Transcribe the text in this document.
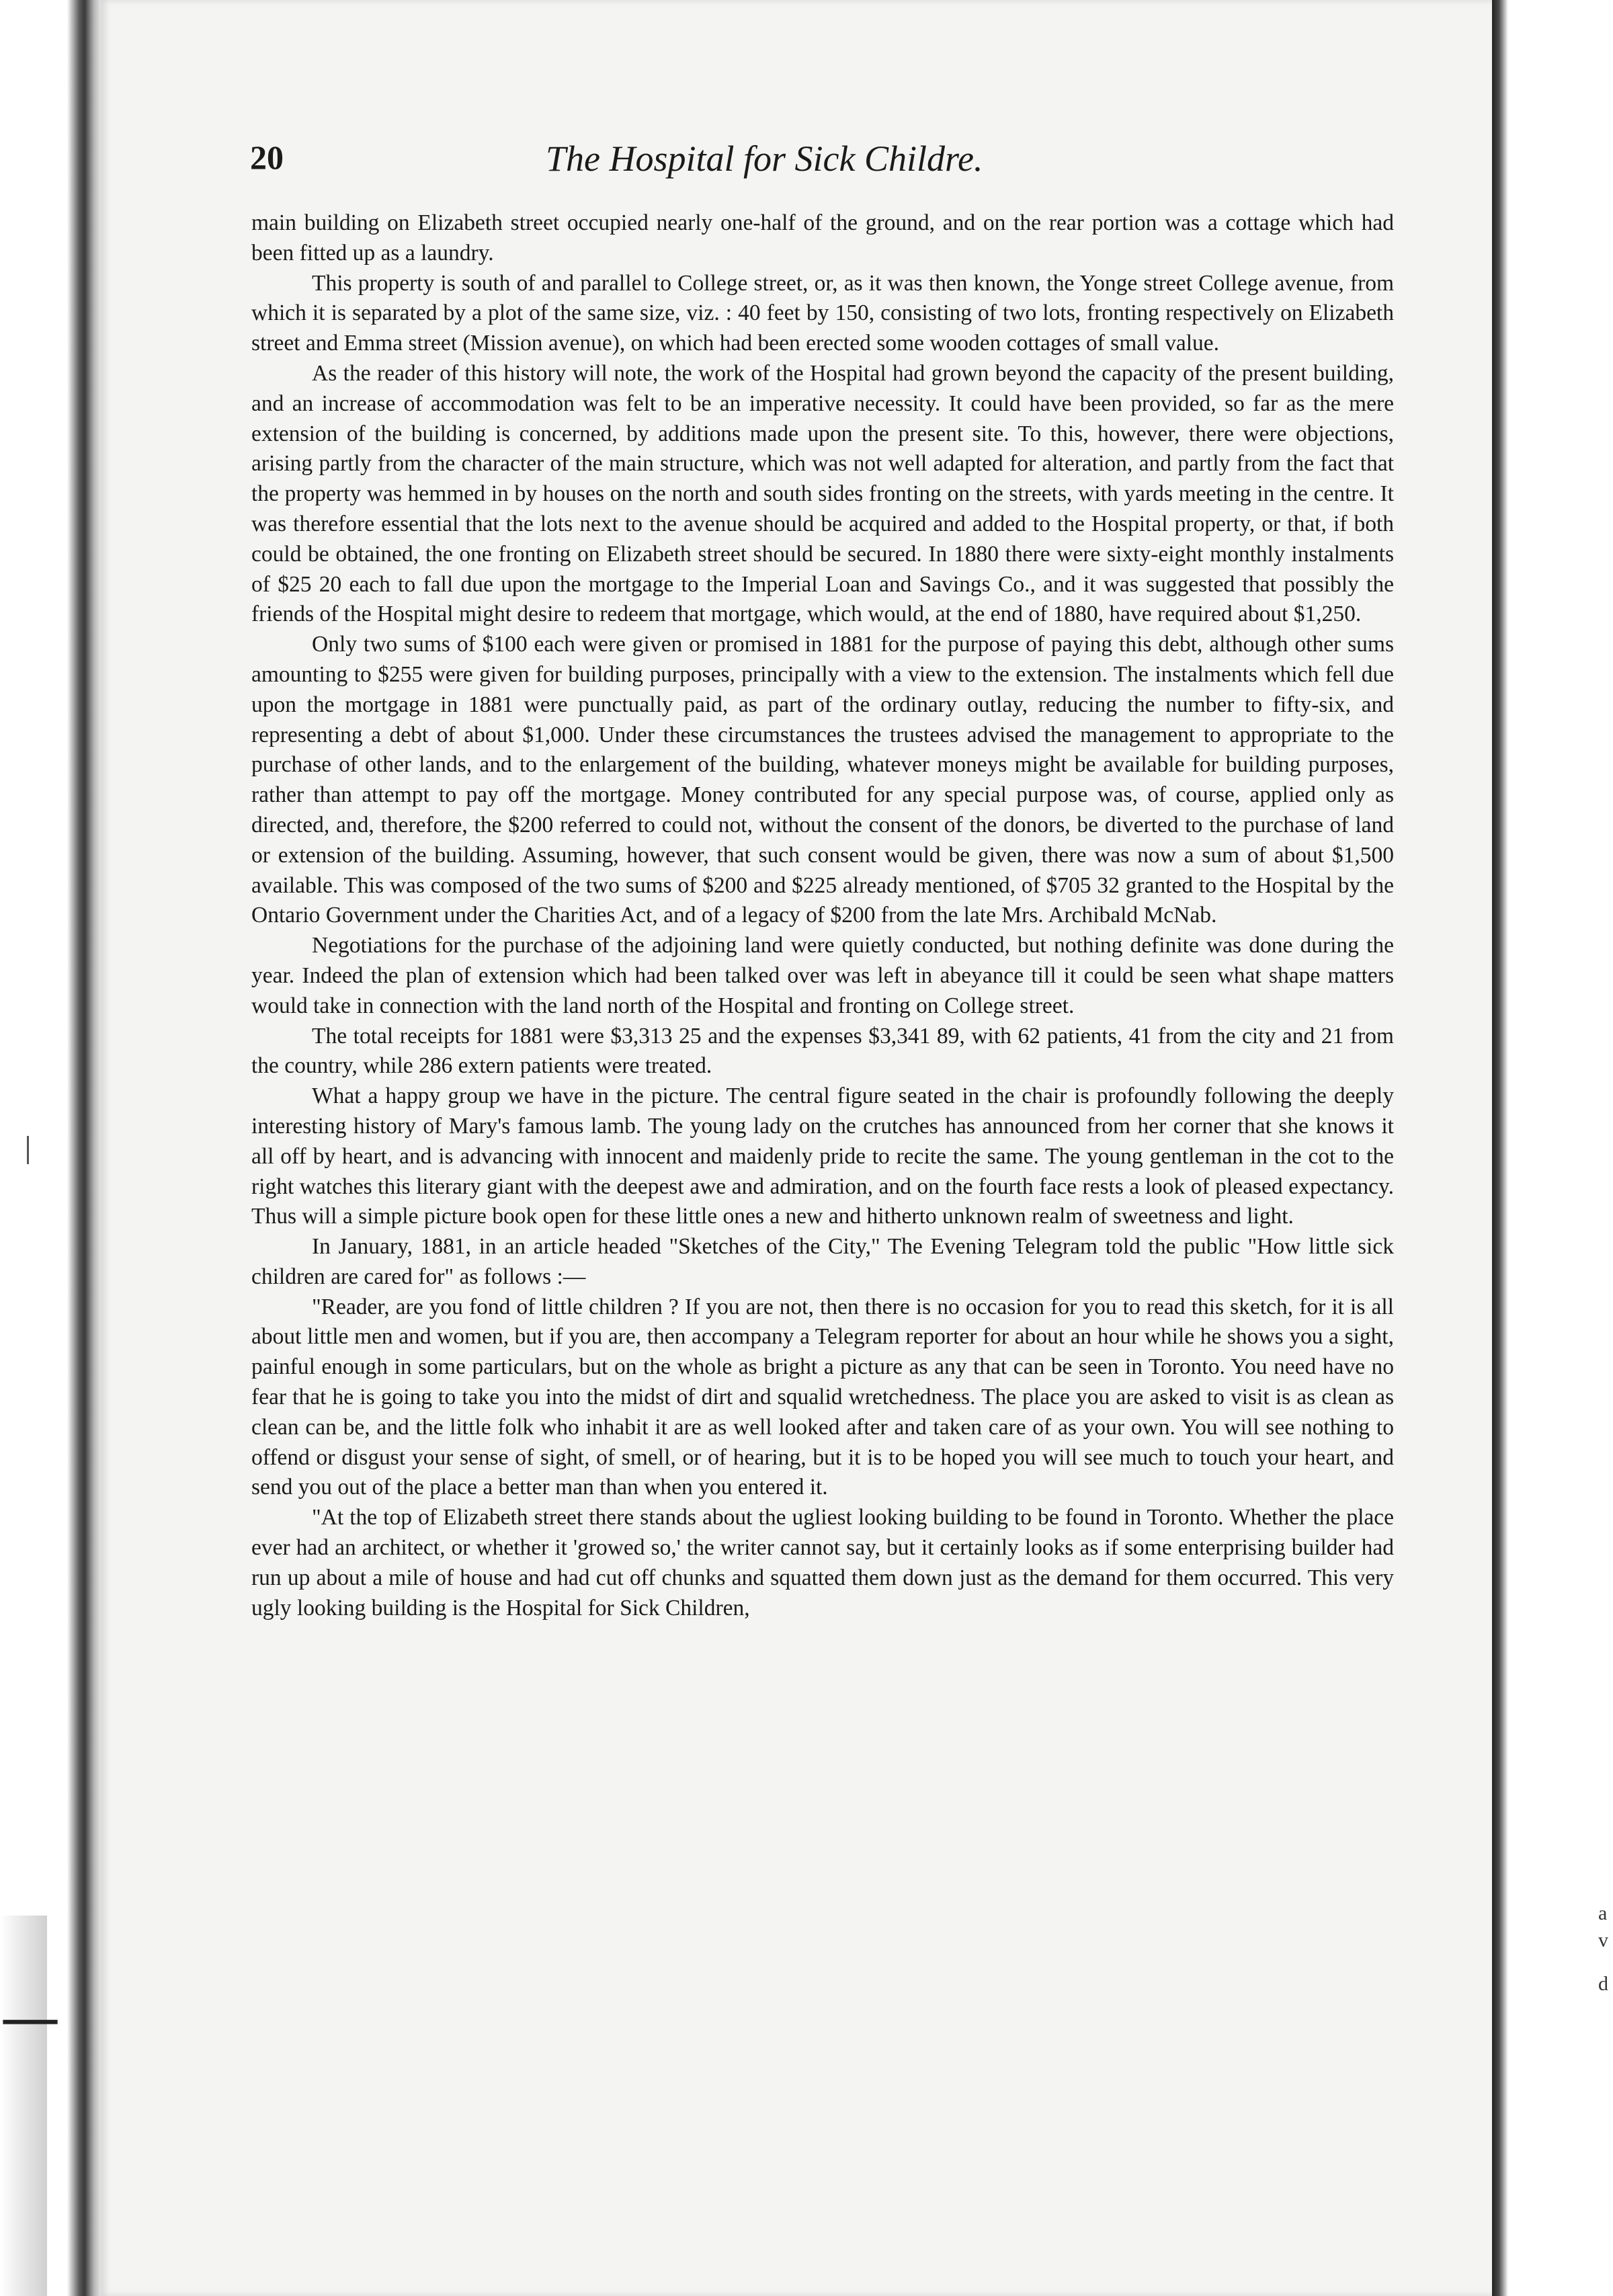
—
20	The Hospital for Sick Childre.

main building on Elizabeth street occupied nearly one-half of the ground, and on the rear portion was a cottage which had been fitted up as a laundry.

This property is south of and parallel to College street, or, as it was then known, the Yonge street College avenue, from which it is separated by a plot of the same size, viz. : 40 feet by 150, consisting of two lots, fronting respectively on Elizabeth street and Emma street (Mission avenue), on which had been erected some wooden cottages of small value.

As the reader of this history will note, the work of the Hospital had grown beyond the capacity of the present building, and an increase of accommodation was felt to be an imperative necessity. It could have been provided, so far as the mere extension of the building is concerned, by additions made upon the present site. To this, however, there were objections, arising partly from the character of the main structure, which was not well adapted for alteration, and partly from the fact that the property was hemmed in by houses on the north and south sides fronting on the streets, with yards meeting in the centre. It was therefore essential that the lots next to the avenue should be acquired and added to the Hospital property, or that, if both could be obtained, the one fronting on Elizabeth street should be secured. In 1880 there were sixty-eight monthly instalments of $25 20 each to fall due upon the mortgage to the Imperial Loan and Savings Co., and it was suggested that possibly the friends of the Hospital might desire to redeem that mortgage, which would, at the end of 1880, have required about $1,250.

Only two sums of $100 each were given or promised in 1881 for the purpose of paying this debt, although other sums amounting to $255 were given for building purposes, principally with a view to the extension. The instalments which fell due upon the mortgage in 1881 were punctually paid, as part of the ordinary outlay, reducing the number to fifty-six, and representing a debt of about $1,000. Under these circumstances the trustees advised the management to appropriate to the purchase of other lands, and to the enlargement of the building, whatever moneys might be available for building purposes, rather than attempt to pay off the mortgage. Money contributed for any special purpose was, of course, applied only as directed, and, therefore, the $200 referred to could not, without the consent of the donors, be diverted to the purchase of land or extension of the building. Assuming, however, that such consent would be given, there was now a sum of about $1,500 available. This was composed of the two sums of $200 and $225 already mentioned, of $705 32 granted to the Hospital by the Ontario Government under the Charities Act, and of a legacy of $200 from the late Mrs. Archibald McNab.

Negotiations for the purchase of the adjoining land were quietly conducted, but nothing definite was done during the year. Indeed the plan of extension which had been talked over was left in abeyance till it could be seen what shape matters would take in connection with the land north of the Hospital and fronting on College street.

The total receipts for 1881 were $3,313 25 and the expenses $3,341 89, with 62 patients, 41 from the city and 21 from the country, while 286 extern patients were treated.

What a happy group we have in the picture. The central figure seated in the chair is profoundly following the deeply interesting history of Mary's famous lamb. The young lady on the crutches has announced from her corner that she knows it all off by heart, and is advancing with innocent and maidenly pride to recite the same. The young gentleman in the cot to the right watches this literary giant with the deepest awe and admiration, and on the fourth face rests a look of pleased expectancy. Thus will a simple picture book open for these little ones a new and hitherto unknown realm of sweetness and light.

In January, 1881, in an article headed "Sketches of the City," The Evening Telegram told the public "How little sick children are cared for" as follows :—

"Reader, are you fond of little children ? If you are not, then there is no occasion for you to read this sketch, for it is all about little men and women, but if you are, then accompany a Telegram reporter for about an hour while he shows you a sight, painful enough in some particulars, but on the whole as bright a picture as any that can be seen in Toronto. You need have no fear that he is going to take you into the midst of dirt and squalid wretchedness. The place you are asked to visit is as clean as clean can be, and the little folk who inhabit it are as well looked after and taken care of as your own. You will see nothing to offend or disgust your sense of sight, of smell, or of hearing, but it is to be hoped you will see much to touch your heart, and send you out of the place a better man than when you entered it.

"At the top of Elizabeth street there stands about the ugliest looking building to be found in Toronto. Whether the place ever had an architect, or whether it 'growed so,' the writer cannot say, but it certainly looks as if some enterprising builder had run up about a mile of house and had cut off chunks and squatted them down just as the demand for them occurred. This very ugly looking building is the Hospital for Sick Children,

a
v
d
